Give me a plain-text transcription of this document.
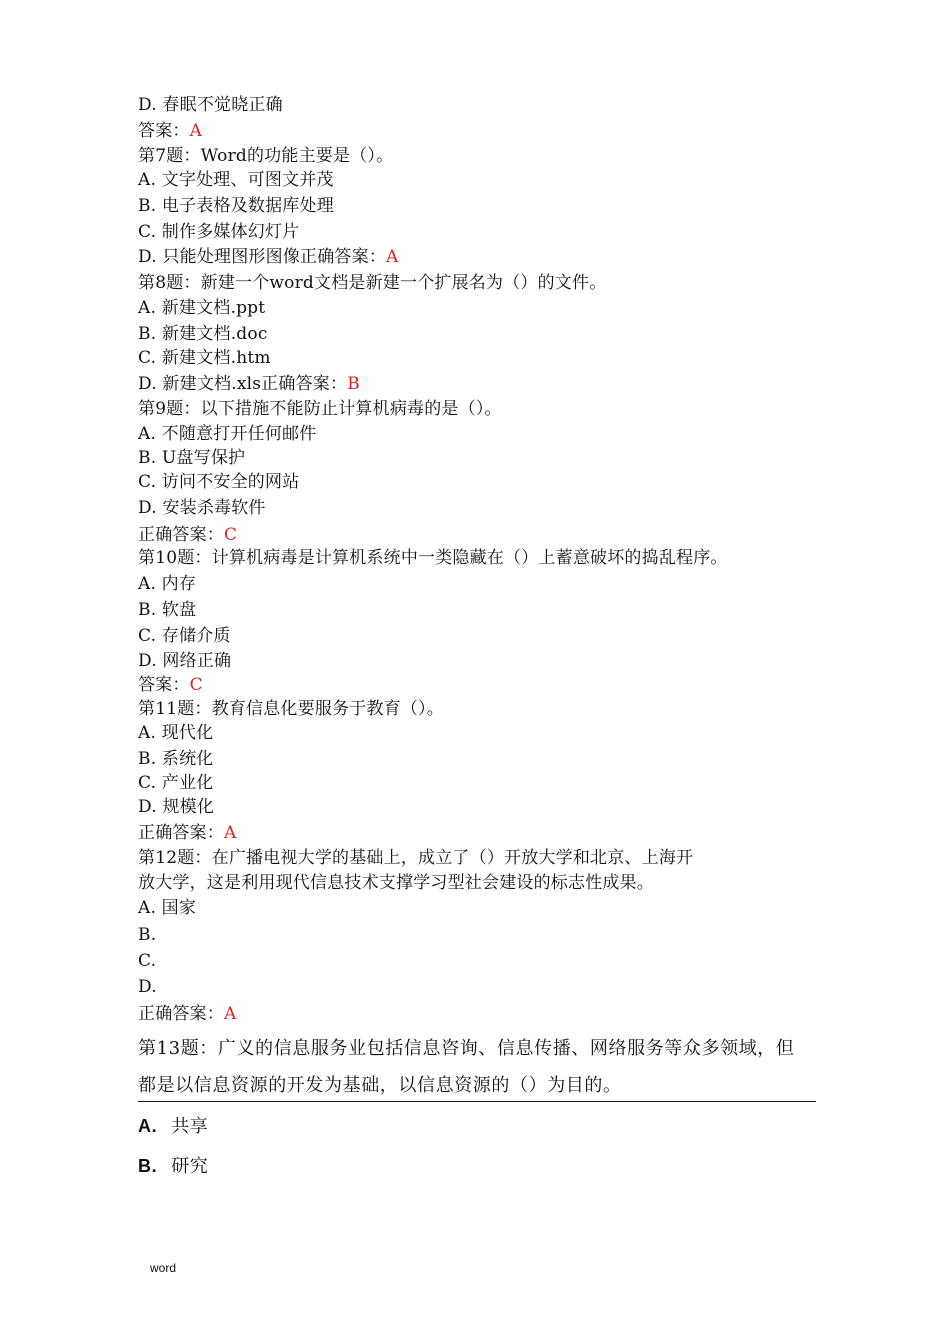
D. 春眠不觉晓正确
答案：A
第7题：Word的功能主要是（）。
A. 文字处理、可图文并茂
B. 电子表格及数据库处理
C. 制作多媒体幻灯片
D. 只能处理图形图像正确答案：A
第8题：新建一个word文档是新建一个扩展名为（）的文件。
A. 新建文档.ppt
B. 新建文档.doc
C. 新建文档.htm
D. 新建文档.xls正确答案：B
第9题：以下措施不能防止计算机病毒的是（）。
A. 不随意打开任何邮件
B. U盘写保护
C. 访问不安全的网站
D. 安装杀毒软件
正确答案：C
第10题：计算机病毒是计算机系统中一类隐藏在（）上蓄意破坏的捣乱程序。
A. 内存
B. 软盘
C. 存储介质
D. 网络正确
答案：C
第11题：教育信息化要服务于教育（）。
A. 现代化
B. 系统化
C. 产业化
D. 规模化
正确答案：A
第12题：在广播电视大学的基础上，成立了（）开放大学和北京、上海开
放大学，这是利用现代信息技术支撑学习型社会建设的标志性成果。
A. 国家
B.
C.
D.
正确答案：A
第13题：广义的信息服务业包括信息咨询、信息传播、网络服务等众多领域，但
都是以信息资源的开发为基础，以信息资源的（）为目的。
A. 共享
B. 研究
word
